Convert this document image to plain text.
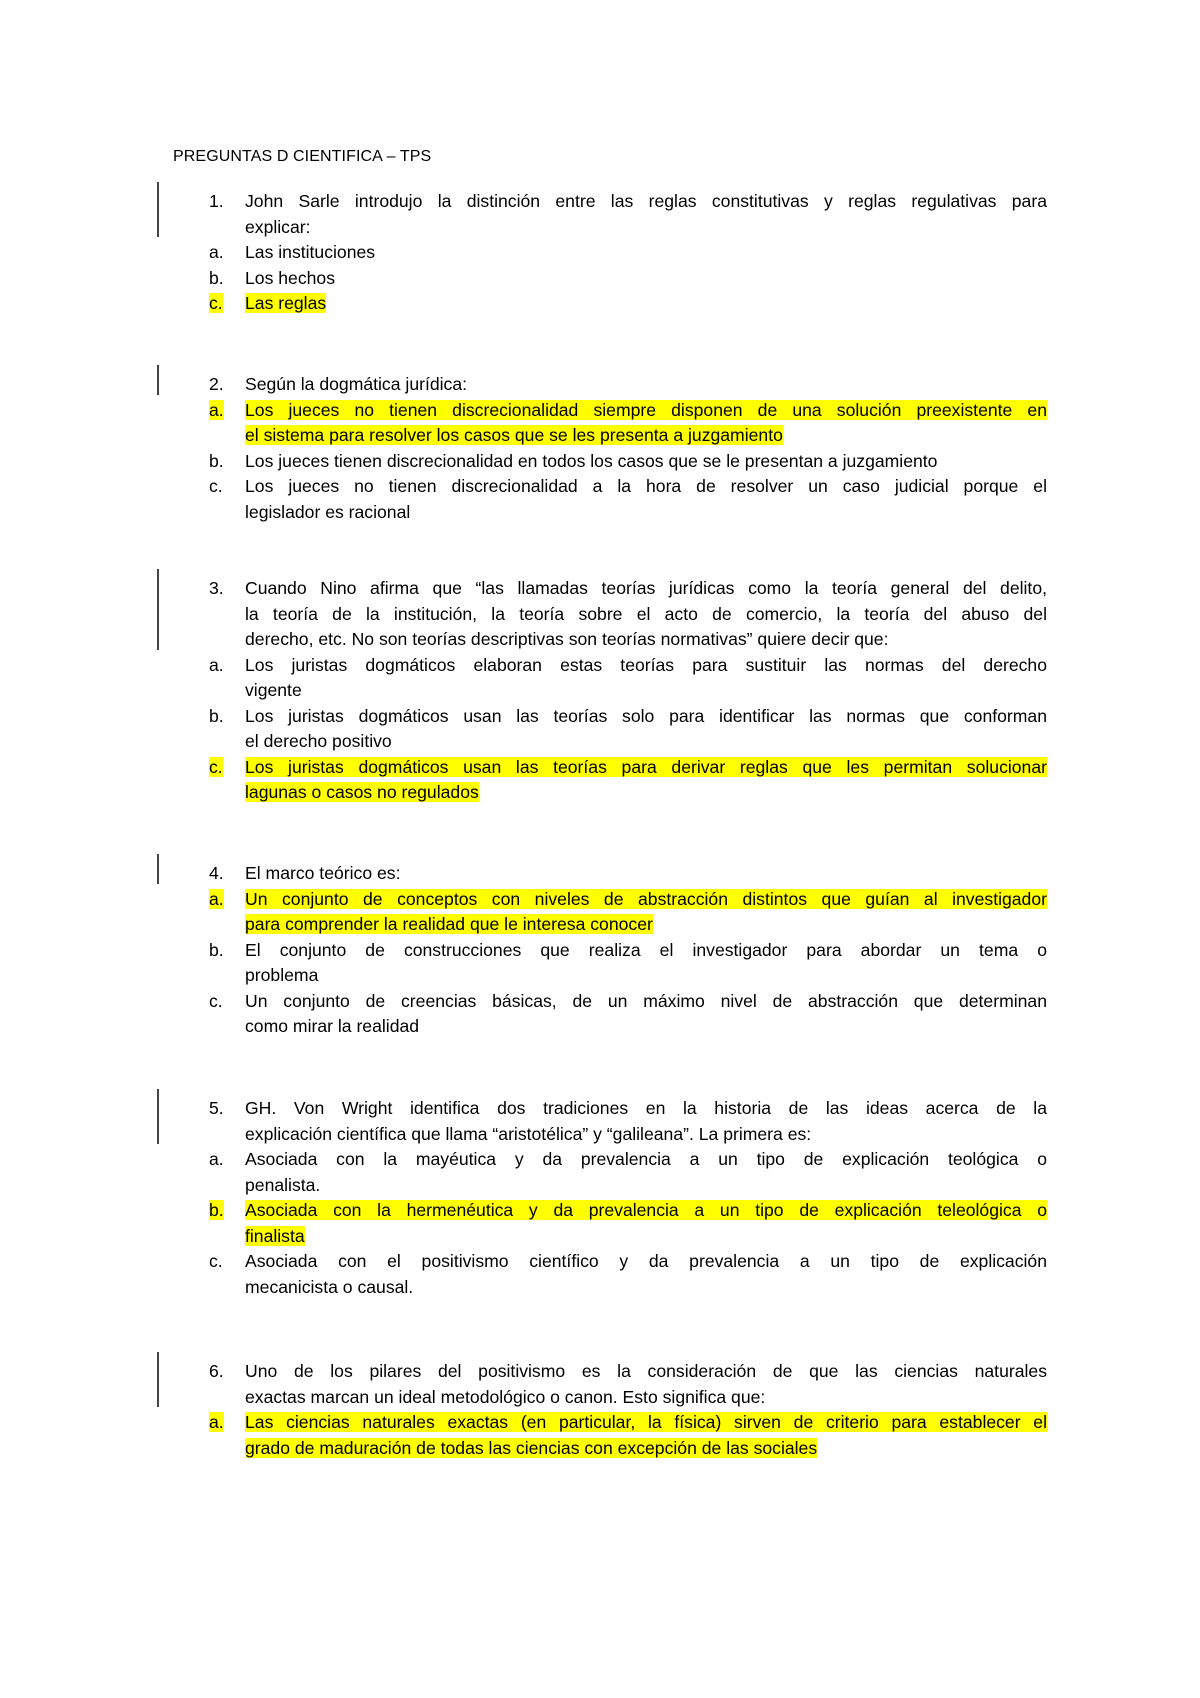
PREGUNTAS D CIENTIFICA – TPS
1. John Sarle introdujo la distinción entre las reglas constitutivas y reglas regulativas para
explicar:
a. Las instituciones
b. Los hechos
c. Las reglas
2. Según la dogmática jurídica:
a. Los jueces no tienen discrecionalidad siempre disponen de una solución preexistente en
el sistema para resolver los casos que se les presenta a juzgamiento
b. Los jueces tienen discrecionalidad en todos los casos que se le presentan a juzgamiento
c. Los jueces no tienen discrecionalidad a la hora de resolver un caso judicial porque el
legislador es racional
3. Cuando Nino afirma que “las llamadas teorías jurídicas como la teoría general del delito,
la teoría de la institución, la teoría sobre el acto de comercio, la teoría del abuso del
derecho, etc. No son teorías descriptivas son teorías normativas” quiere decir que:
a. Los juristas dogmáticos elaboran estas teorías para sustituir las normas del derecho
vigente
b. Los juristas dogmáticos usan las teorías solo para identificar las normas que conforman
el derecho positivo
c. Los juristas dogmáticos usan las teorías para derivar reglas que les permitan solucionar
lagunas o casos no regulados
4. El marco teórico es:
a. Un conjunto de conceptos con niveles de abstracción distintos que guían al investigador
para comprender la realidad que le interesa conocer
b. El conjunto de construcciones que realiza el investigador para abordar un tema o
problema
c. Un conjunto de creencias básicas, de un máximo nivel de abstracción que determinan
como mirar la realidad
5. GH. Von Wright identifica dos tradiciones en la historia de las ideas acerca de la
explicación científica que llama “aristotélica” y “galileana”. La primera es:
a. Asociada con la mayéutica y da prevalencia a un tipo de explicación teológica o
penalista.
b. Asociada con la hermenéutica y da prevalencia a un tipo de explicación teleológica o
finalista
c. Asociada con el positivismo científico y da prevalencia a un tipo de explicación
mecanicista o causal.
6. Uno de los pilares del positivismo es la consideración de que las ciencias naturales
exactas marcan un ideal metodológico o canon. Esto significa que:
a. Las ciencias naturales exactas (en particular, la física) sirven de criterio para establecer el
grado de maduración de todas las ciencias con excepción de las sociales
